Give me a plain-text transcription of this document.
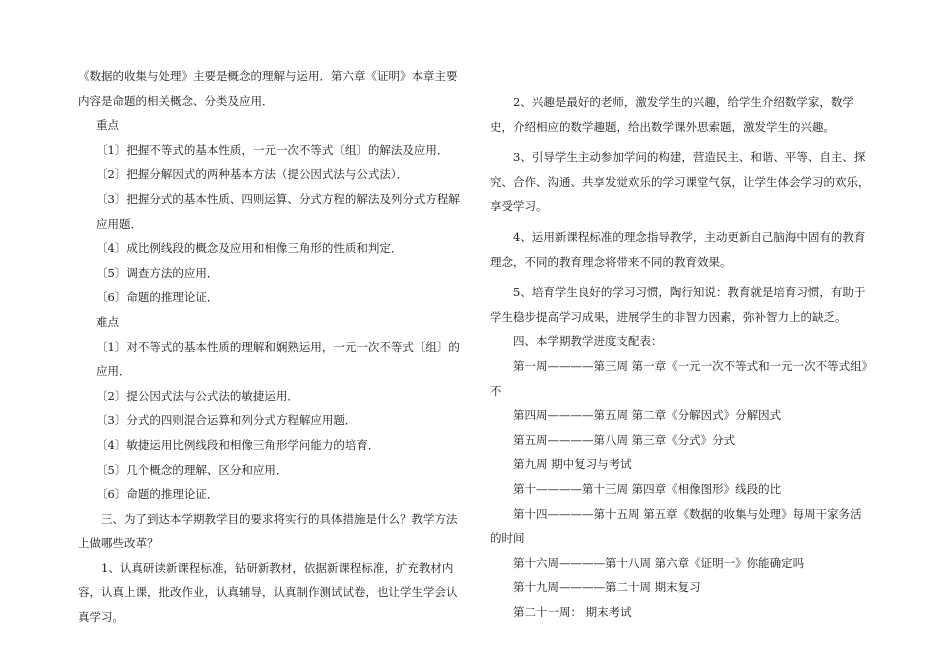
《数据的收集与处理》主要是概念的理解与运用．第六章《证明》本章主要内容是命题的相关概念、分类及应用．

重点

〔1〕把握不等式的基本性质，一元一次不等式〔组〕的解法及应用．

〔2〕把握分解因式的两种基本方法（提公因式法与公式法）．

〔3〕把握分式的基本性质、四则运算、分式方程的解法及列分式方程解应用题．

〔4〕成比例线段的概念及应用和相像三角形的性质和判定．

〔5〕调查方法的应用．

〔6〕命题的推理论证．

难点

〔1〕对不等式的基本性质的理解和娴熟运用，一元一次不等式〔组〕的应用．

〔2〕提公因式法与公式法的敏捷运用．

〔3〕分式的四则混合运算和列分式方程解应用题．

〔4〕敏捷运用比例线段和相像三角形学问能力的培育．

〔5〕几个概念的理解、区分和应用．

〔6〕命题的推理论证．

三、为了到达本学期教学目的要求将实行的具体措施是什么？教学方法上做哪些改革？

1、认真研读新课程标准，钻研新教材，依据新课程标准，扩充教材内容，认真上课，批改作业，认真辅导，认真制作测试试卷，也让学生学会认真学习。

2、兴趣是最好的老师，激发学生的兴趣，给学生介绍数学家，数学史，介绍相应的数学趣题，给出数学课外思索题，激发学生的兴趣。

3、引导学生主动参加学问的构建，营造民主、和谐、平等、自主、探究、合作、沟通、共享发觉欢乐的学习课堂气氛，让学生体会学习的欢乐，享受学习。

4、运用新课程标准的理念指导教学，主动更新自己脑海中固有的教育理念，不同的教育理念将带来不同的教育效果。

5、培育学生良好的学习习惯，陶行知说：教育就是培育习惯，有助于学生稳步提高学习成果，进展学生的非智力因素，弥补智力上的缺乏。

四、本学期教学进度支配表：

第一周————第三周 第一章《一元一次不等式和一元一次不等式组》不

第四周————第五周 第二章《分解因式》分解因式

第五周————第八周 第三章《分式》分式

第九周 期中复习与考试

第十————第十三周 第四章《相像图形》线段的比

第十四————第十五周 第五章《数据的收集与处理》每周干家务活的时间

第十六周————第十八周 第六章《证明一》你能确定吗

第十九周————第二十周 期末复习

第二十一周： 期末考试
